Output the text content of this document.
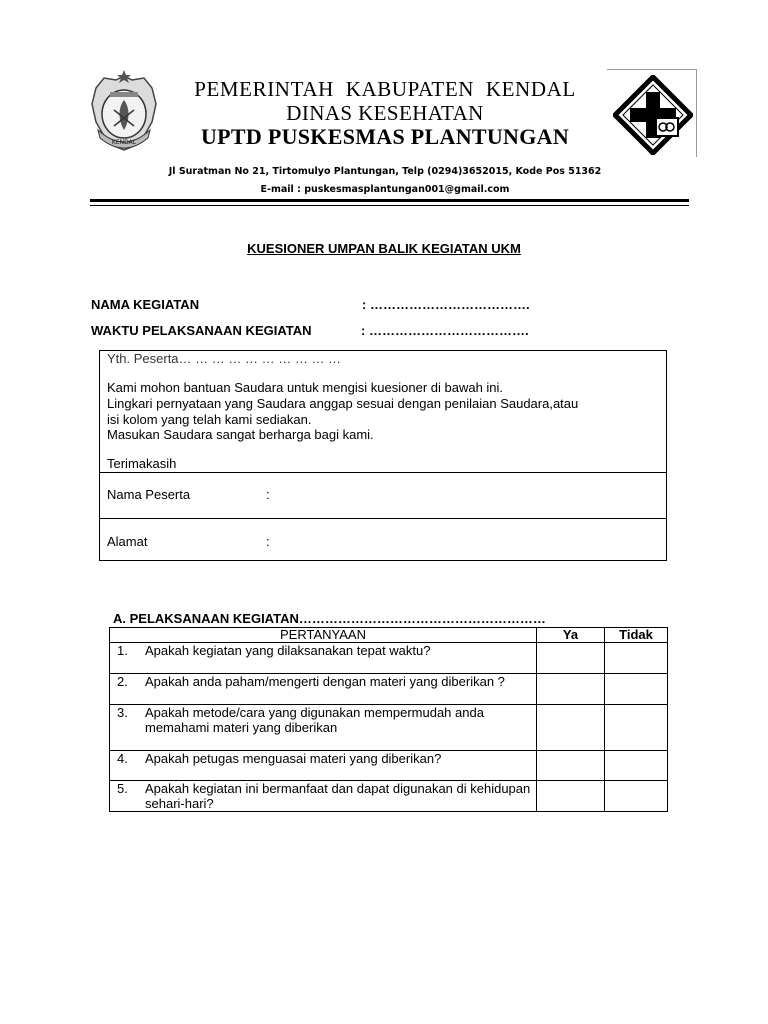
KENDAL
PEMERINTAH KABUPATEN KENDAL
DINAS KESEHATAN
UPTD PUSKESMAS PLANTUNGAN
Jl Suratman No 21, Tirtomulyo Plantungan, Telp (0294)3652015, Kode Pos 51362
E-mail : puskesmasplantungan001@gmail.com
KUESIONER UMPAN BALIK KEGIATAN UKM
NAMA KEGIATAN	: ……………………………….
WAKTU PELAKSANAAN KEGIATAN	: ……………………………….
Yth. Peserta… … … … … … … … … …
Kami mohon bantuan Saudara untuk mengisi kuesioner di bawah ini.
Lingkari pernyataan yang Saudara anggap sesuai dengan penilaian Saudara,atau
isi kolom yang telah kami sediakan.
Masukan Saudara sangat berharga bagi kami.
Terimakasih
Nama Peserta	:
Alamat	:
A. PELAKSANAAN KEGIATAN…………………………………………………
PERTANYAAN	Ya	Tidak

1. Apakah kegiatan yang dilaksanakan tepat waktu?		

2. Apakah anda paham/mengerti dengan materi yang diberikan ?		

3. Apakah metode/cara yang digunakan mempermudah anda memahami materi yang diberikan		

4. Apakah petugas menguasai materi yang diberikan?		

5. Apakah kegiatan ini bermanfaat dan dapat digunakan di kehidupan sehari-hari?		
